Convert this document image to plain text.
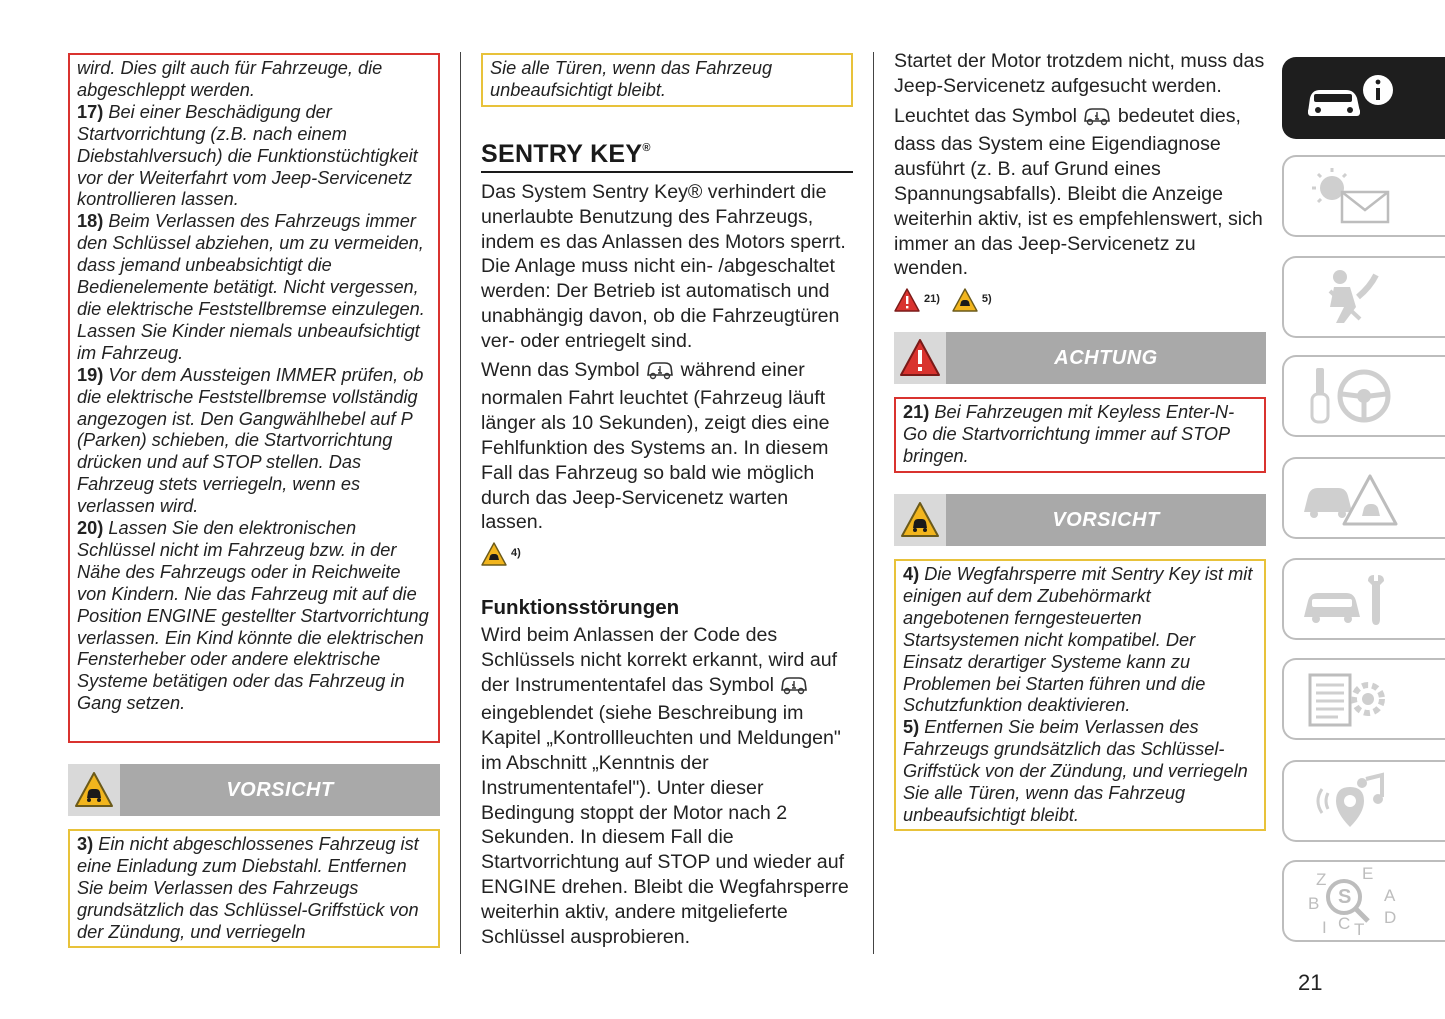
wird. Dies gilt auch für Fahrzeuge, die abgeschleppt werden.

17) Bei einer Beschädigung der Startvorrichtung (z.B. nach einem Diebstahlversuch) die Funktionstüchtigkeit vor der Weiterfahrt vom Jeep-Servicenetz kontrollieren lassen.

18) Beim Verlassen des Fahrzeugs immer den Schlüssel abziehen, um zu vermeiden, dass jemand unbeabsichtigt die Bedienelemente betätigt. Nicht vergessen, die elektrische Feststellbremse einzulegen. Lassen Sie Kinder niemals unbeaufsichtigt im Fahrzeug.

19) Vor dem Aussteigen IMMER prüfen, ob die elektrische Feststellbremse vollständig angezogen ist. Den Gangwählhebel auf P (Parken) schieben, die Startvorrichtung drücken und auf STOP stellen. Das Fahrzeug stets verriegeln, wenn es verlassen wird.

20) Lassen Sie den elektronischen Schlüssel nicht im Fahrzeug bzw. in der Nähe des Fahrzeugs oder in Reichweite von Kindern. Nie das Fahrzeug mit auf die Position ENGINE gestellter Startvorrichtung verlassen. Ein Kind könnte die elektrischen Fensterheber oder andere elektrische Systeme betätigen oder das Fahrzeug in Gang setzen.

VORSICHT

3) Ein nicht abgeschlossenes Fahrzeug ist eine Einladung zum Diebstahl. Entfernen Sie beim Verlassen des Fahrzeugs grundsätzlich das Schlüssel-Griffstück von der Zündung, und verriegeln

Sie alle Türen, wenn das Fahrzeug unbeaufsichtigt bleibt.

SENTRY KEY®

Das System Sentry Key® verhindert die unerlaubte Benutzung des Fahrzeugs, indem es das Anlassen des Motors sperrt. Die Anlage muss nicht ein- /abgeschaltet werden: Der Betrieb ist automatisch und unabhängig davon, ob die Fahrzeugtüren ver- oder entriegelt sind.

Wenn das Symbol während einer normalen Fahrt leuchtet (Fahrzeug läuft länger als 10 Sekunden), zeigt dies eine Fehlfunktion des Systems an. In diesem Fall das Fahrzeug so bald wie möglich durch das Jeep-Servicenetz warten lassen.

4)
Funktionsstörungen

Wird beim Anlassen der Code des Schlüssels nicht korrekt erkannt, wird auf der Instrumententafel das Symbol  eingeblendet (siehe Beschreibung im Kapitel „Kontrollleuchten und Meldungen" im Abschnitt „Kenntnis der Instrumententafel"). Unter dieser Bedingung stoppt der Motor nach 2 Sekunden. In diesem Fall die Startvorrichtung auf STOP und wieder auf ENGINE drehen. Bleibt die Wegfahrsperre weiterhin aktiv, andere mitgelieferte Schlüssel ausprobieren.

Startet der Motor trotzdem nicht, muss das Jeep-Servicenetz aufgesucht werden.

Leuchtet das Symbol bedeutet dies, dass das System eine Eigendiagnose ausführt (z. B. auf Grund eines Spannungsabfalls). Bleibt die Anzeige weiterhin aktiv, ist es empfehlenswert, sich immer an das Jeep-Servicenetz zu wenden.

21)	5)
ACHTUNG

21) Bei Fahrzeugen mit Keyless Enter-N-Go die Startvorrichtung immer auf STOP bringen.

VORSICHT

4) Die Wegfahrsperre mit Sentry Key ist mit einigen auf dem Zubehörmarkt angebotenen ferngesteuerten Startsystemen nicht kompatibel. Der Einsatz derartiger Systeme kann zu Problemen bei Starten führen und die Schutzfunktion deaktivieren.

5) Entfernen Sie beim Verlassen des Fahrzeugs grundsätzlich das Schlüssel-Griffstück von der Zündung, und verriegeln Sie alle Türen, wenn das Fahrzeug unbeaufsichtigt bleibt.

Z E
S A
B
C
I T
D
21
